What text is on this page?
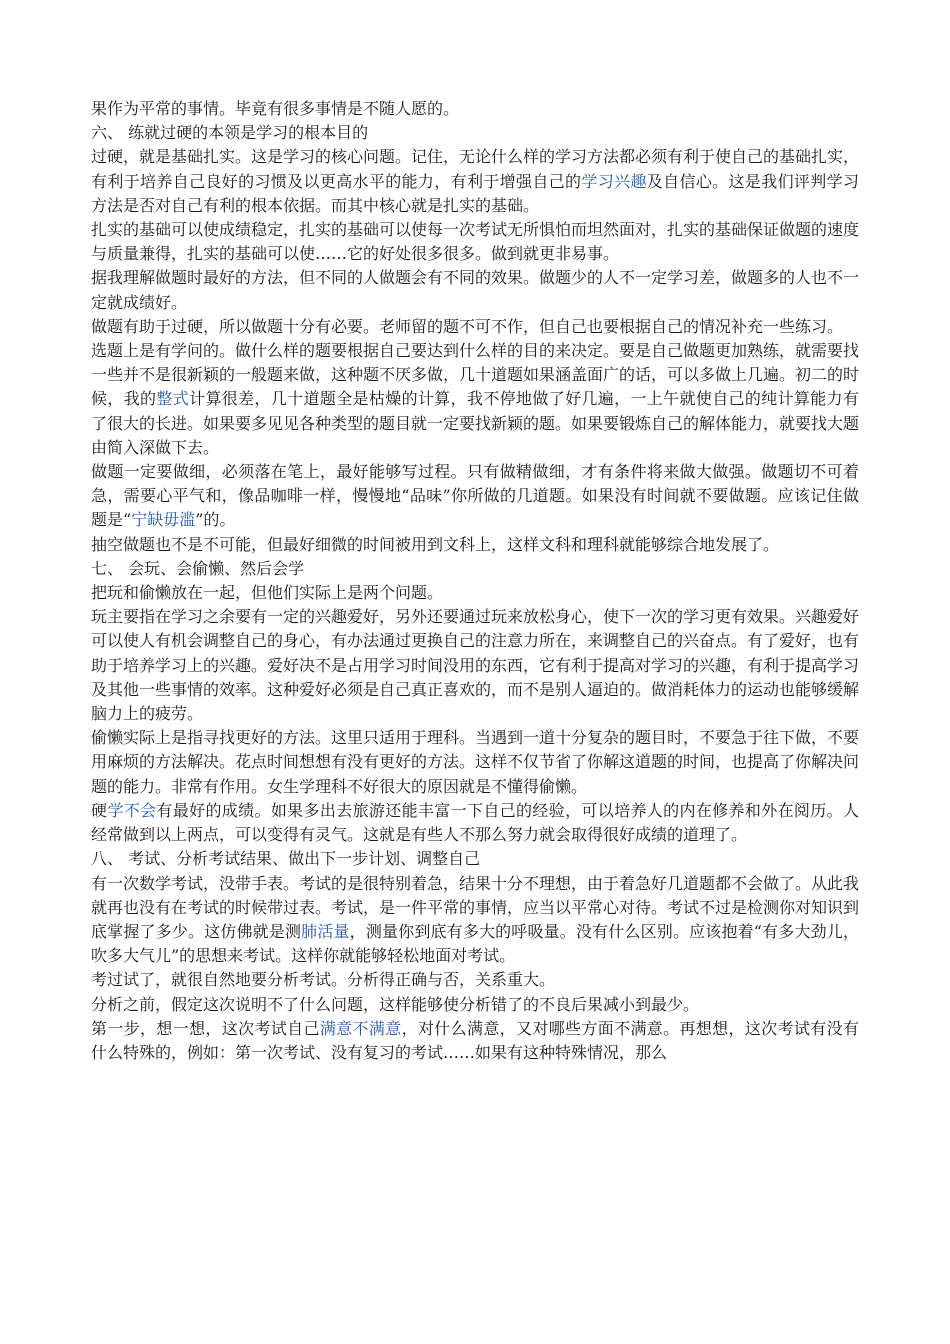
果作为平常的事情。毕竟有很多事情是不随人愿的。

六、 练就过硬的本领是学习的根本目的

过硬，就是基础扎实。这是学习的核心问题。记住，无论什么样的学习方法都必须有利于使自己的基础扎实，有利于培养自己良好的习惯及以更高水平的能力，有利于增强自己的学习兴趣及自信心。这是我们评判学习方法是否对自己有利的根本依据。而其中核心就是扎实的基础。

扎实的基础可以使成绩稳定，扎实的基础可以使每一次考试无所惧怕而坦然面对，扎实的基础保证做题的速度与质量兼得，扎实的基础可以使……它的好处很多很多。做到就更非易事。

据我理解做题时最好的方法，但不同的人做题会有不同的效果。做题少的人不一定学习差，做题多的人也不一定就成绩好。

做题有助于过硬，所以做题十分有必要。老师留的题不可不作，但自己也要根据自己的情况补充一些练习。

选题上是有学问的。做什么样的题要根据自己要达到什么样的目的来决定。要是自己做题更加熟练，就需要找一些并不是很新颖的一般题来做，这种题不厌多做，几十道题如果涵盖面广的话，可以多做上几遍。初二的时候，我的整式计算很差，几十道题全是枯燥的计算，我不停地做了好几遍，一上午就使自己的纯计算能力有了很大的长进。如果要多见见各种类型的题目就一定要找新颖的题。如果要锻炼自己的解体能力，就要找大题由简入深做下去。

做题一定要做细，必须落在笔上，最好能够写过程。只有做精做细，才有条件将来做大做强。做题切不可着急，需要心平气和，像品咖啡一样，慢慢地“品味”你所做的几道题。如果没有时间就不要做题。应该记住做题是“宁缺毋滥”的。

抽空做题也不是不可能，但最好细微的时间被用到文科上，这样文科和理科就能够综合地发展了。

七、 会玩、会偷懒、然后会学

把玩和偷懒放在一起，但他们实际上是两个问题。

玩主要指在学习之余要有一定的兴趣爱好，另外还要通过玩来放松身心，使下一次的学习更有效果。兴趣爱好可以使人有机会调整自己的身心，有办法通过更换自己的注意力所在，来调整自己的兴奋点。有了爱好，也有助于培养学习上的兴趣。爱好决不是占用学习时间没用的东西，它有利于提高对学习的兴趣，有利于提高学习及其他一些事情的效率。这种爱好必须是自己真正喜欢的，而不是别人逼迫的。做消耗体力的运动也能够缓解脑力上的疲劳。

偷懒实际上是指寻找更好的方法。这里只适用于理科。当遇到一道十分复杂的题目时，不要急于往下做，不要用麻烦的方法解决。花点时间想想有没有更好的方法。这样不仅节省了你解这道题的时间，也提高了你解决问题的能力。非常有作用。女生学理科不好很大的原因就是不懂得偷懒。

硬学不会有最好的成绩。如果多出去旅游还能丰富一下自己的经验，可以培养人的内在修养和外在阅历。人经常做到以上两点，可以变得有灵气。这就是有些人不那么努力就会取得很好成绩的道理了。

八、 考试、分析考试结果、做出下一步计划、调整自己

有一次数学考试，没带手表。考试的是很特别着急，结果十分不理想，由于着急好几道题都不会做了。从此我就再也没有在考试的时候带过表。考试，是一件平常的事情，应当以平常心对待。考试不过是检测你对知识到底掌握了多少。这仿佛就是测肺活量，测量你到底有多大的呼吸量。没有什么区别。应该抱着“有多大劲儿，吹多大气儿”的思想来考试。这样你就能够轻松地面对考试。

考过试了，就很自然地要分析考试。分析得正确与否，关系重大。

分析之前，假定这次说明不了什么问题，这样能够使分析错了的不良后果减小到最少。

第一步，想一想，这次考试自己满意不满意，对什么满意，又对哪些方面不满意。再想想，这次考试有没有什么特殊的，例如：第一次考试、没有复习的考试……如果有这种特殊情况，那么
